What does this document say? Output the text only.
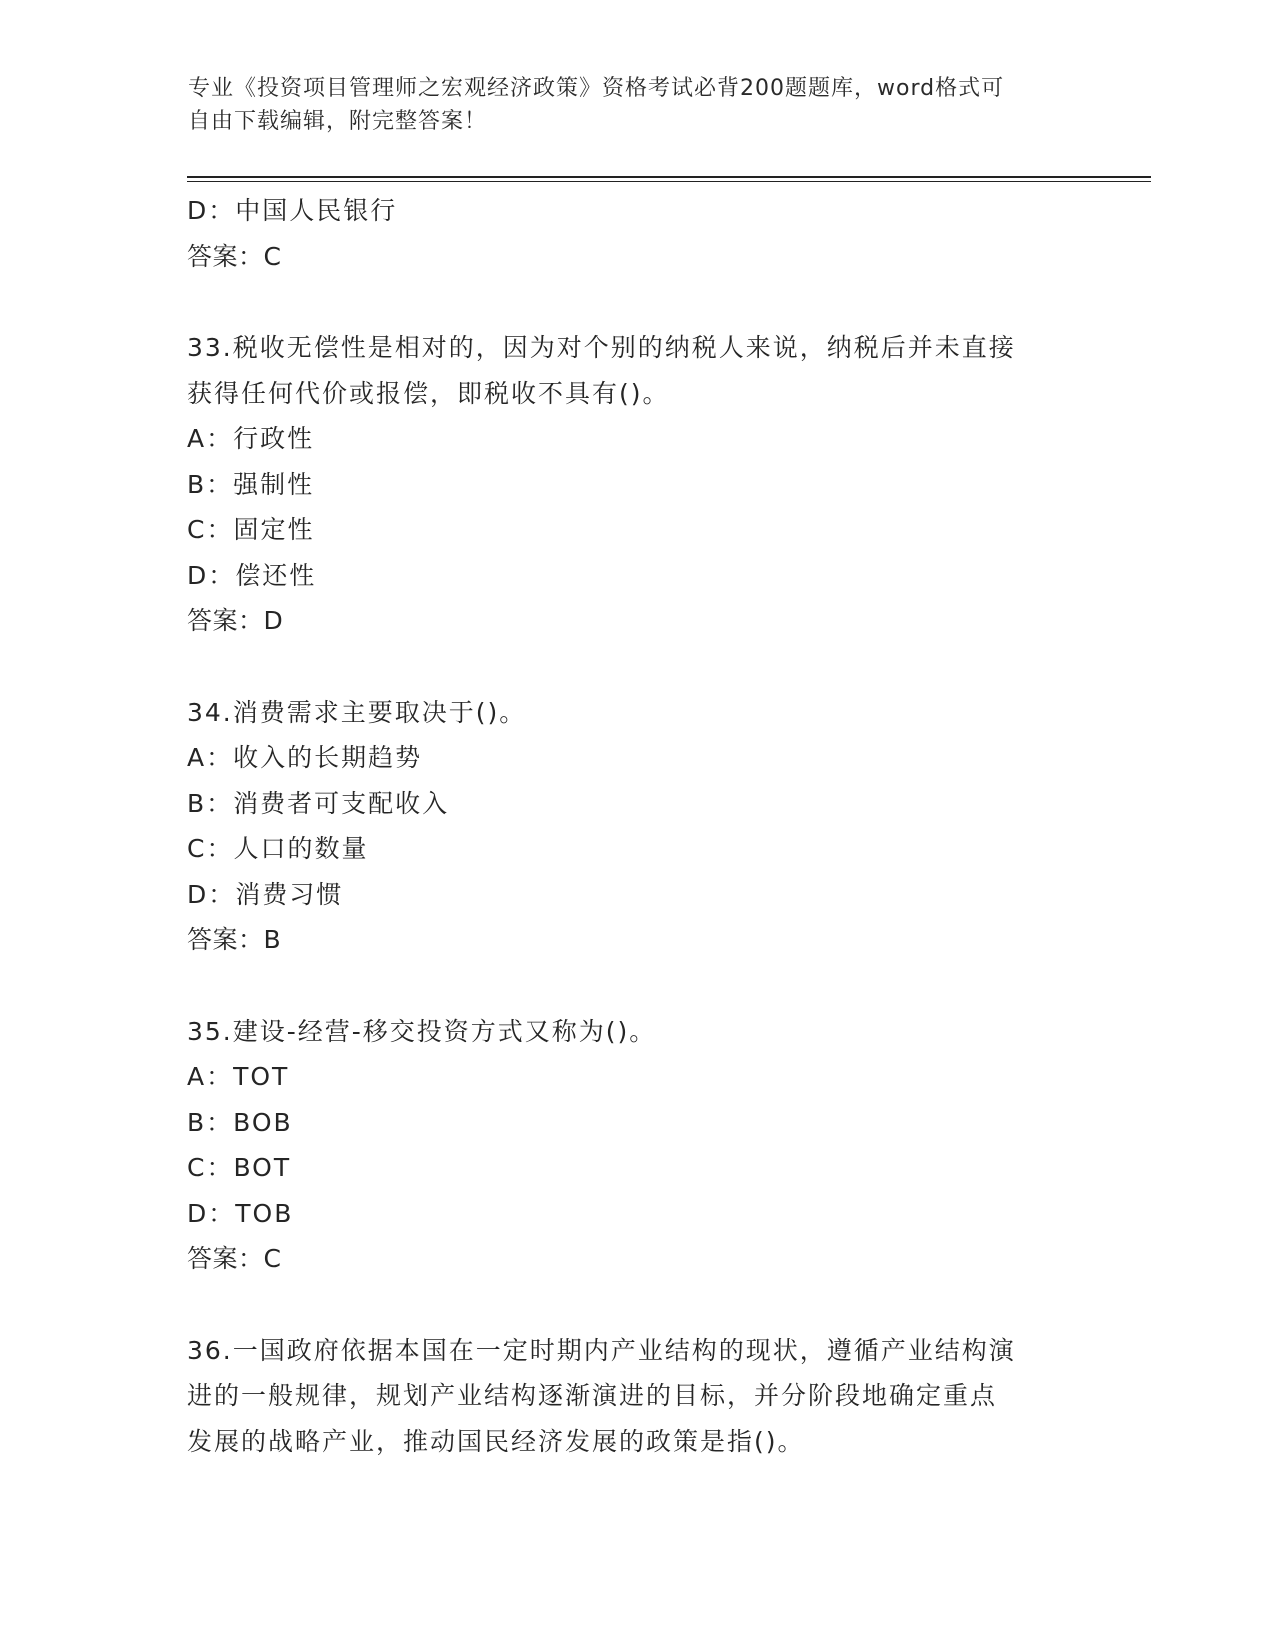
专业《投资项目管理师之宏观经济政策》资格考试必背200题题库，word格式可
自由下载编辑，附完整答案！
D：中国人民银行
答案：C
33.税收无偿性是相对的，因为对个别的纳税人来说，纳税后并未直接
获得任何代价或报偿，即税收不具有()。
A：行政性
B：强制性
C：固定性
D：偿还性
答案：D
34.消费需求主要取决于()。
A：收入的长期趋势
B：消费者可支配收入
C：人口的数量
D：消费习惯
答案：B
35.建设-经营-移交投资方式又称为()。
A：TOT
B：BOB
C：BOT
D：TOB
答案：C
36.一国政府依据本国在一定时期内产业结构的现状，遵循产业结构演
进的一般规律，规划产业结构逐渐演进的目标，并分阶段地确定重点
发展的战略产业，推动国民经济发展的政策是指()。
